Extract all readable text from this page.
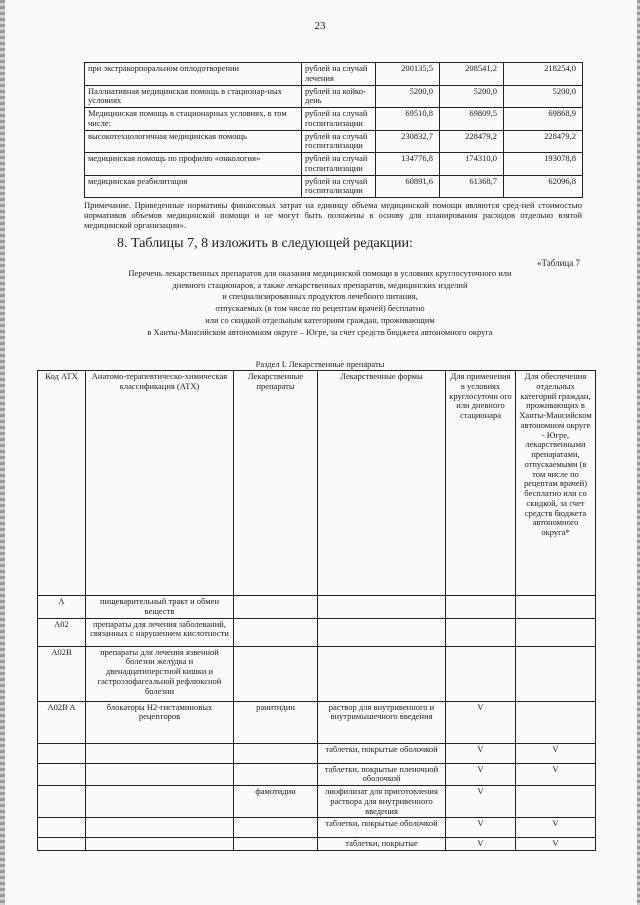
23
при экстракорпоральном оплодотворении	рублей на случай лечения	200135,5	208541,2	218254,0
Паллиативная медицинская помощь в стационар-ных условиях	рублей на койко-день	5200,0	5200,0	5200,0
Медицинская помощь в стационарных условиях, в том числе:	рублей на случай госпитализации	69510,8	69809,5	69868,9
высокотехнологичная медицинская помощь	рублей на случай госпитализации	230832,7	228479,2	228479,2
медицинская помощь по профилю «онкология»	рублей на случай госпитализации	134776,8	174310,0	193078,8
медицинская реабилитация	рублей на случай госпитализации	60891,6	61368,7	62096,8
Примечание. Приведенные нормативы финансовых затрат на единицу объема медицинской помощи являются сред-ней стоимостью нормативов объемов медицинской помощи и не могут быть положены в основу для планирования расходов отдельно взятой медицинской организации».
8. Таблицы 7, 8 изложить в следующей редакции:
«Таблица 7
Перечень лекарственных препаратов для оказания медицинской помощи в условиях круглосуточного или
дневного стационаров, а также лекарственных препаратов, медицинских изделий
и специализированных продуктов лечебного питания,
отпускаемых (в том числе по рецептам врачей) бесплатно
или со скидкой отдельным категориям граждан, проживающим
в Ханты-Мансийском автономном округе – Югре, за счет средств бюджета автономного округа
Раздел I. Лекарственные препараты
Код АТХ	Анатомо-терапевтическо-химическая классификация (АТХ)	Лекарственные препараты	Лекарственные формы	Для применения в условиях круглосуточн ого или дневного стационара	Для обеспечения отдельных категорий граждан, проживающих в Ханты-Мансийском автономном округе - Югре, лекарственными препаратами, отпускаемыми (в том числе по рецептам врачей) бесплатно или со скидкой, за счет средств бюджета автономного округа*
A	пищеварительный тракт и обмен веществ				
A02	препараты для лечения заболеваний, связанных с нарушением кислотности				
A02B	препараты для лечения язвенной болезни желудка и двенадцатиперстной кишки и гастроэзофагеальной рефлюксной болезни				
A02B A	блокаторы H2-гистаминовых рецепторов	ранитидин	раствор для внутривенного и внутримышечного введения	V	
			таблетки, покрытые оболочкой	V	V
			таблетки, покрытые пленочной оболочкой	V	V
		фамотидин	лиофилизат для приготовления раствора для внутривенного введения	V	
			таблетки, покрытые оболочкой	V	V
			таблетки, покрытые	V	V
